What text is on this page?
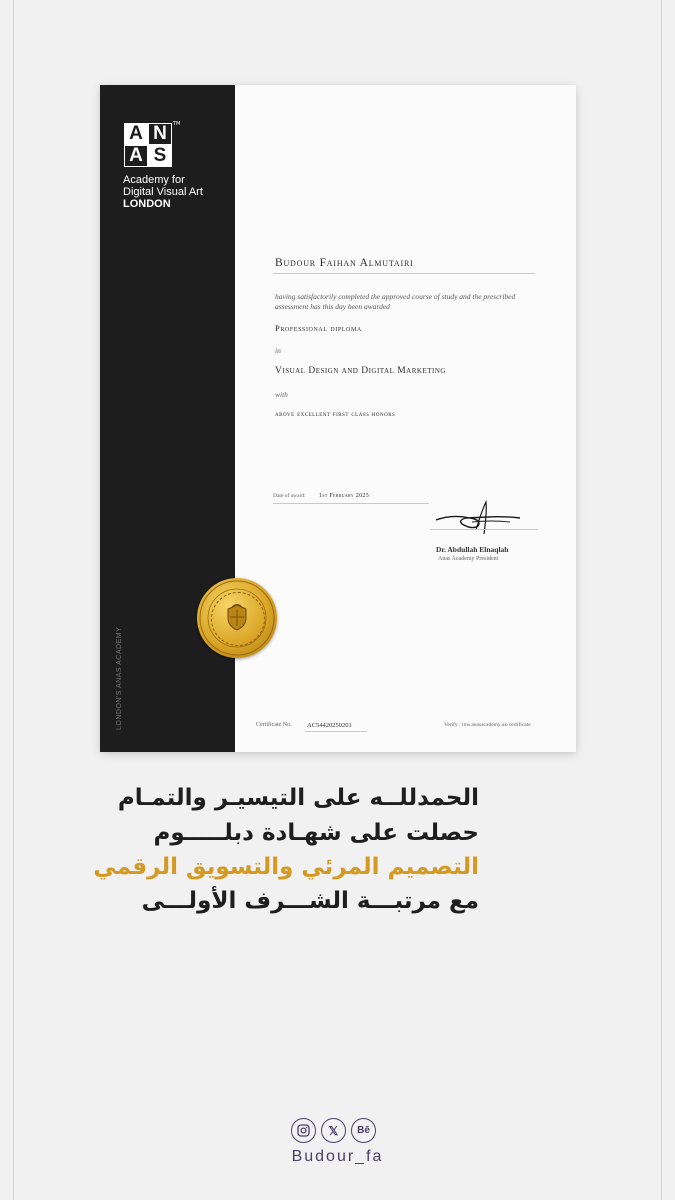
A N
A S
TM
Academy for
Digital Visual Art
LONDON
LONDON'S ANAS ACADEMY
Budour Faihan Almutairi
having satisfactorily completed the approved course of study and the prescribed assessment has this day been awarded
Professional diploma
in
Visual Design and Digital Marketing
with
above excellent first class honors
Date of award: 1st February 2025
Dr. Abdullah Elnaqlah
Anas Academy President
Certificate No. AC54420250201	Verify : lms.anasacademy.uk/certificate
الحمدللــه على التيسيـر والتمـام
حصلت على شهـادة دبلـــــوم
التصميم المرئي والتسويق الرقمي
مع مرتبـــة الشـــرف الأولـــى
𝕏 Bē
Budour_fa
